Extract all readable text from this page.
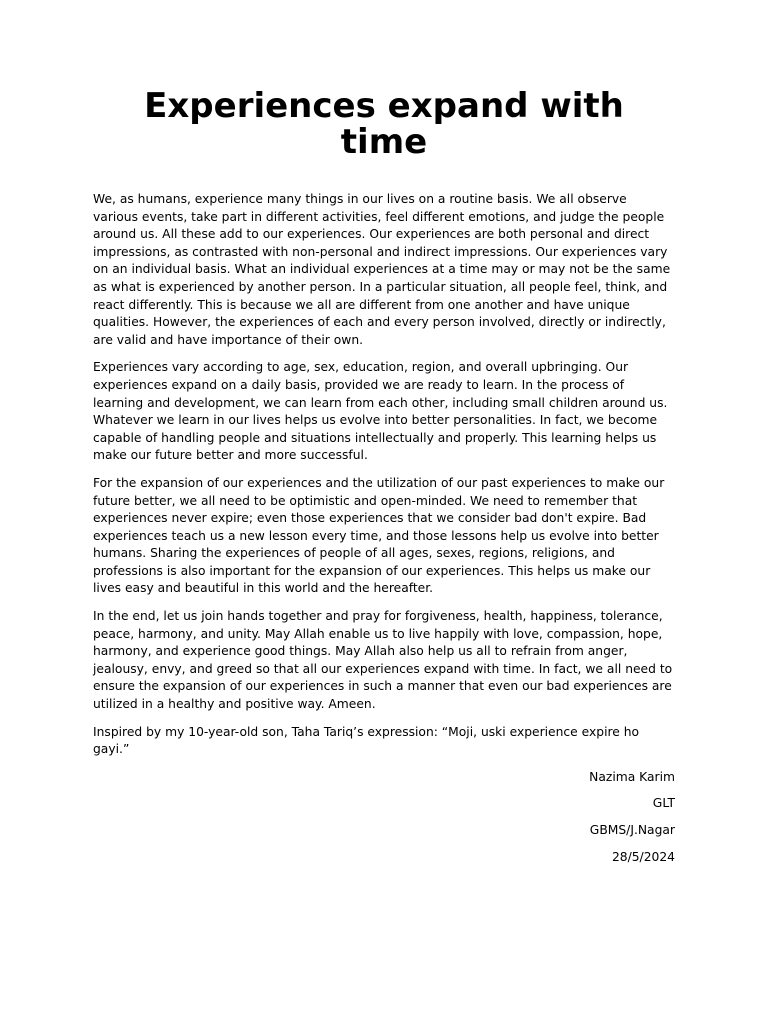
Experiences expand with time

We, as humans, experience many things in our lives on a routine basis. We all observe various events, take part in different activities, feel different emotions, and judge the people around us. All these add to our experiences. Our experiences are both personal and direct impressions, as contrasted with non-personal and indirect impressions. Our experiences vary on an individual basis. What an individual experiences at a time may or may not be the same as what is experienced by another person. In a particular situation, all people feel, think, and react differently. This is because we all are different from one another and have unique qualities. However, the experiences of each and every person involved, directly or indirectly, are valid and have importance of their own.

Experiences vary according to age, sex, education, region, and overall upbringing. Our experiences expand on a daily basis, provided we are ready to learn. In the process of learning and development, we can learn from each other, including small children around us. Whatever we learn in our lives helps us evolve into better personalities. In fact, we become capable of handling people and situations intellectually and properly. This learning helps us make our future better and more successful.

For the expansion of our experiences and the utilization of our past experiences to make our future better, we all need to be optimistic and open-minded. We need to remember that experiences never expire; even those experiences that we consider bad don't expire. Bad experiences teach us a new lesson every time, and those lessons help us evolve into better humans. Sharing the experiences of people of all ages, sexes, regions, religions, and professions is also important for the expansion of our experiences. This helps us make our lives easy and beautiful in this world and the hereafter.

In the end, let us join hands together and pray for forgiveness, health, happiness, tolerance, peace, harmony, and unity. May Allah enable us to live happily with love, compassion, hope, harmony, and experience good things. May Allah also help us all to refrain from anger, jealousy, envy, and greed so that all our experiences expand with time. In fact, we all need to ensure the expansion of our experiences in such a manner that even our bad experiences are utilized in a healthy and positive way. Ameen.

Inspired by my 10-year-old son, Taha Tariq’s expression: “Moji, uski experience expire ho gayi.”

Nazima Karim

GLT

GBMS/J.Nagar

28/5/2024
